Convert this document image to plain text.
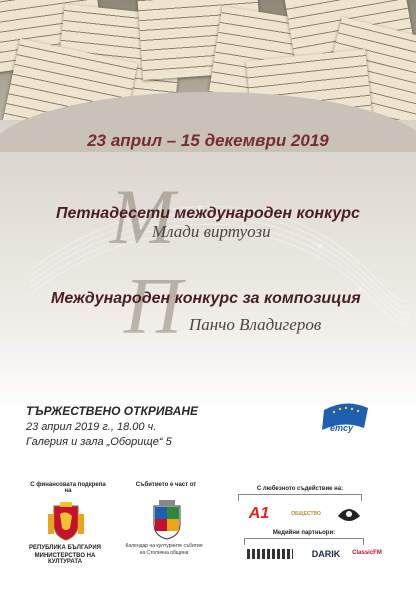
23 април – 15 декември 2019
М
Петнадесети международен конкурс
Млади виртуози
П
Международен конкурс за композиция
Панчо Владигеров
ТЪРЖЕСТВЕНО ОТКРИВАНЕ
23 април 2019 г., 18.00 ч.
Галерия и зала „Оборище“ 5
emcy
С финансовата подкрепа на
РЕПУБЛИКА БЪЛГАРИЯ
МИНИСТЕРСТВО НА КУЛТУРАТА
Събитието е част от
Календар на културните събития
на Столична община
С любезното съдействие на:
A1	ОБЩЕСТВО
Медийни партньори:
DARIK	ClassicFM
